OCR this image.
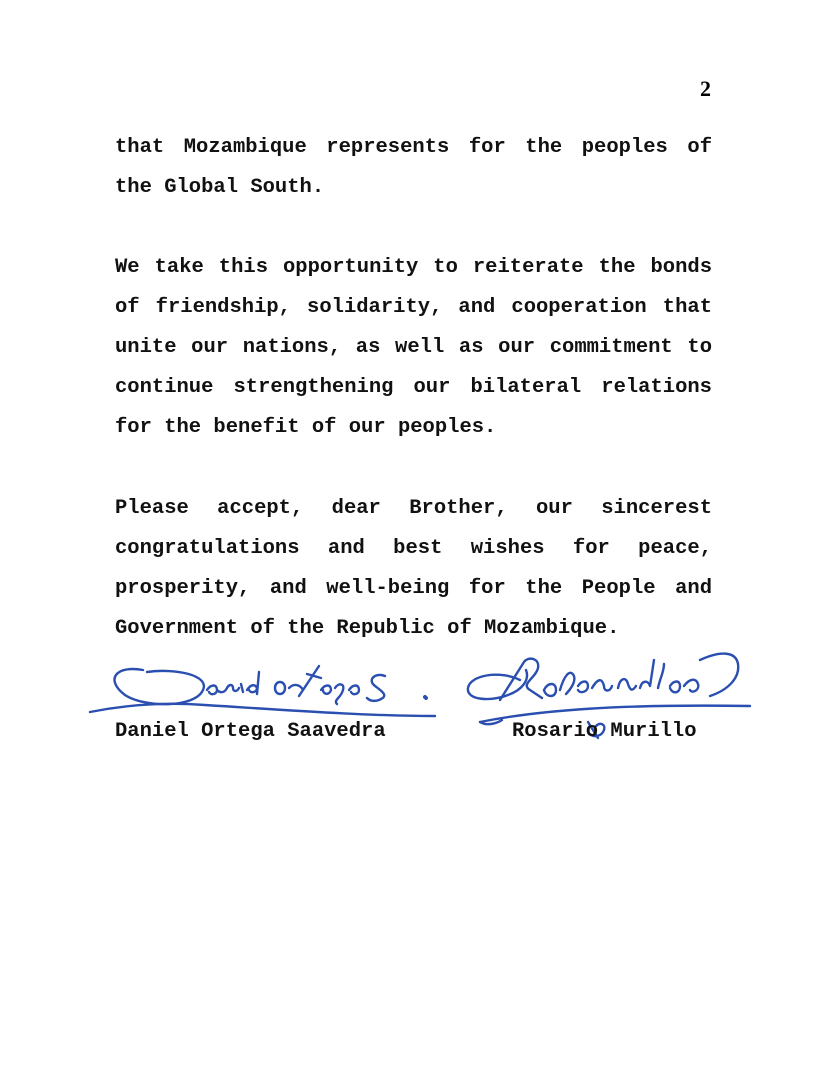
2
that Mozambique represents for the peoples of
the Global South.
We take this opportunity to reiterate the bonds
of friendship, solidarity, and cooperation that
unite our nations, as well as our commitment to
continue strengthening our bilateral relations
for the benefit of our peoples.
Please accept, dear Brother, our sincerest
congratulations and best wishes for peace,
prosperity, and well-being for the People and
Government of the Republic of Mozambique.
Daniel Ortega Saavedra	Rosario Murillo
